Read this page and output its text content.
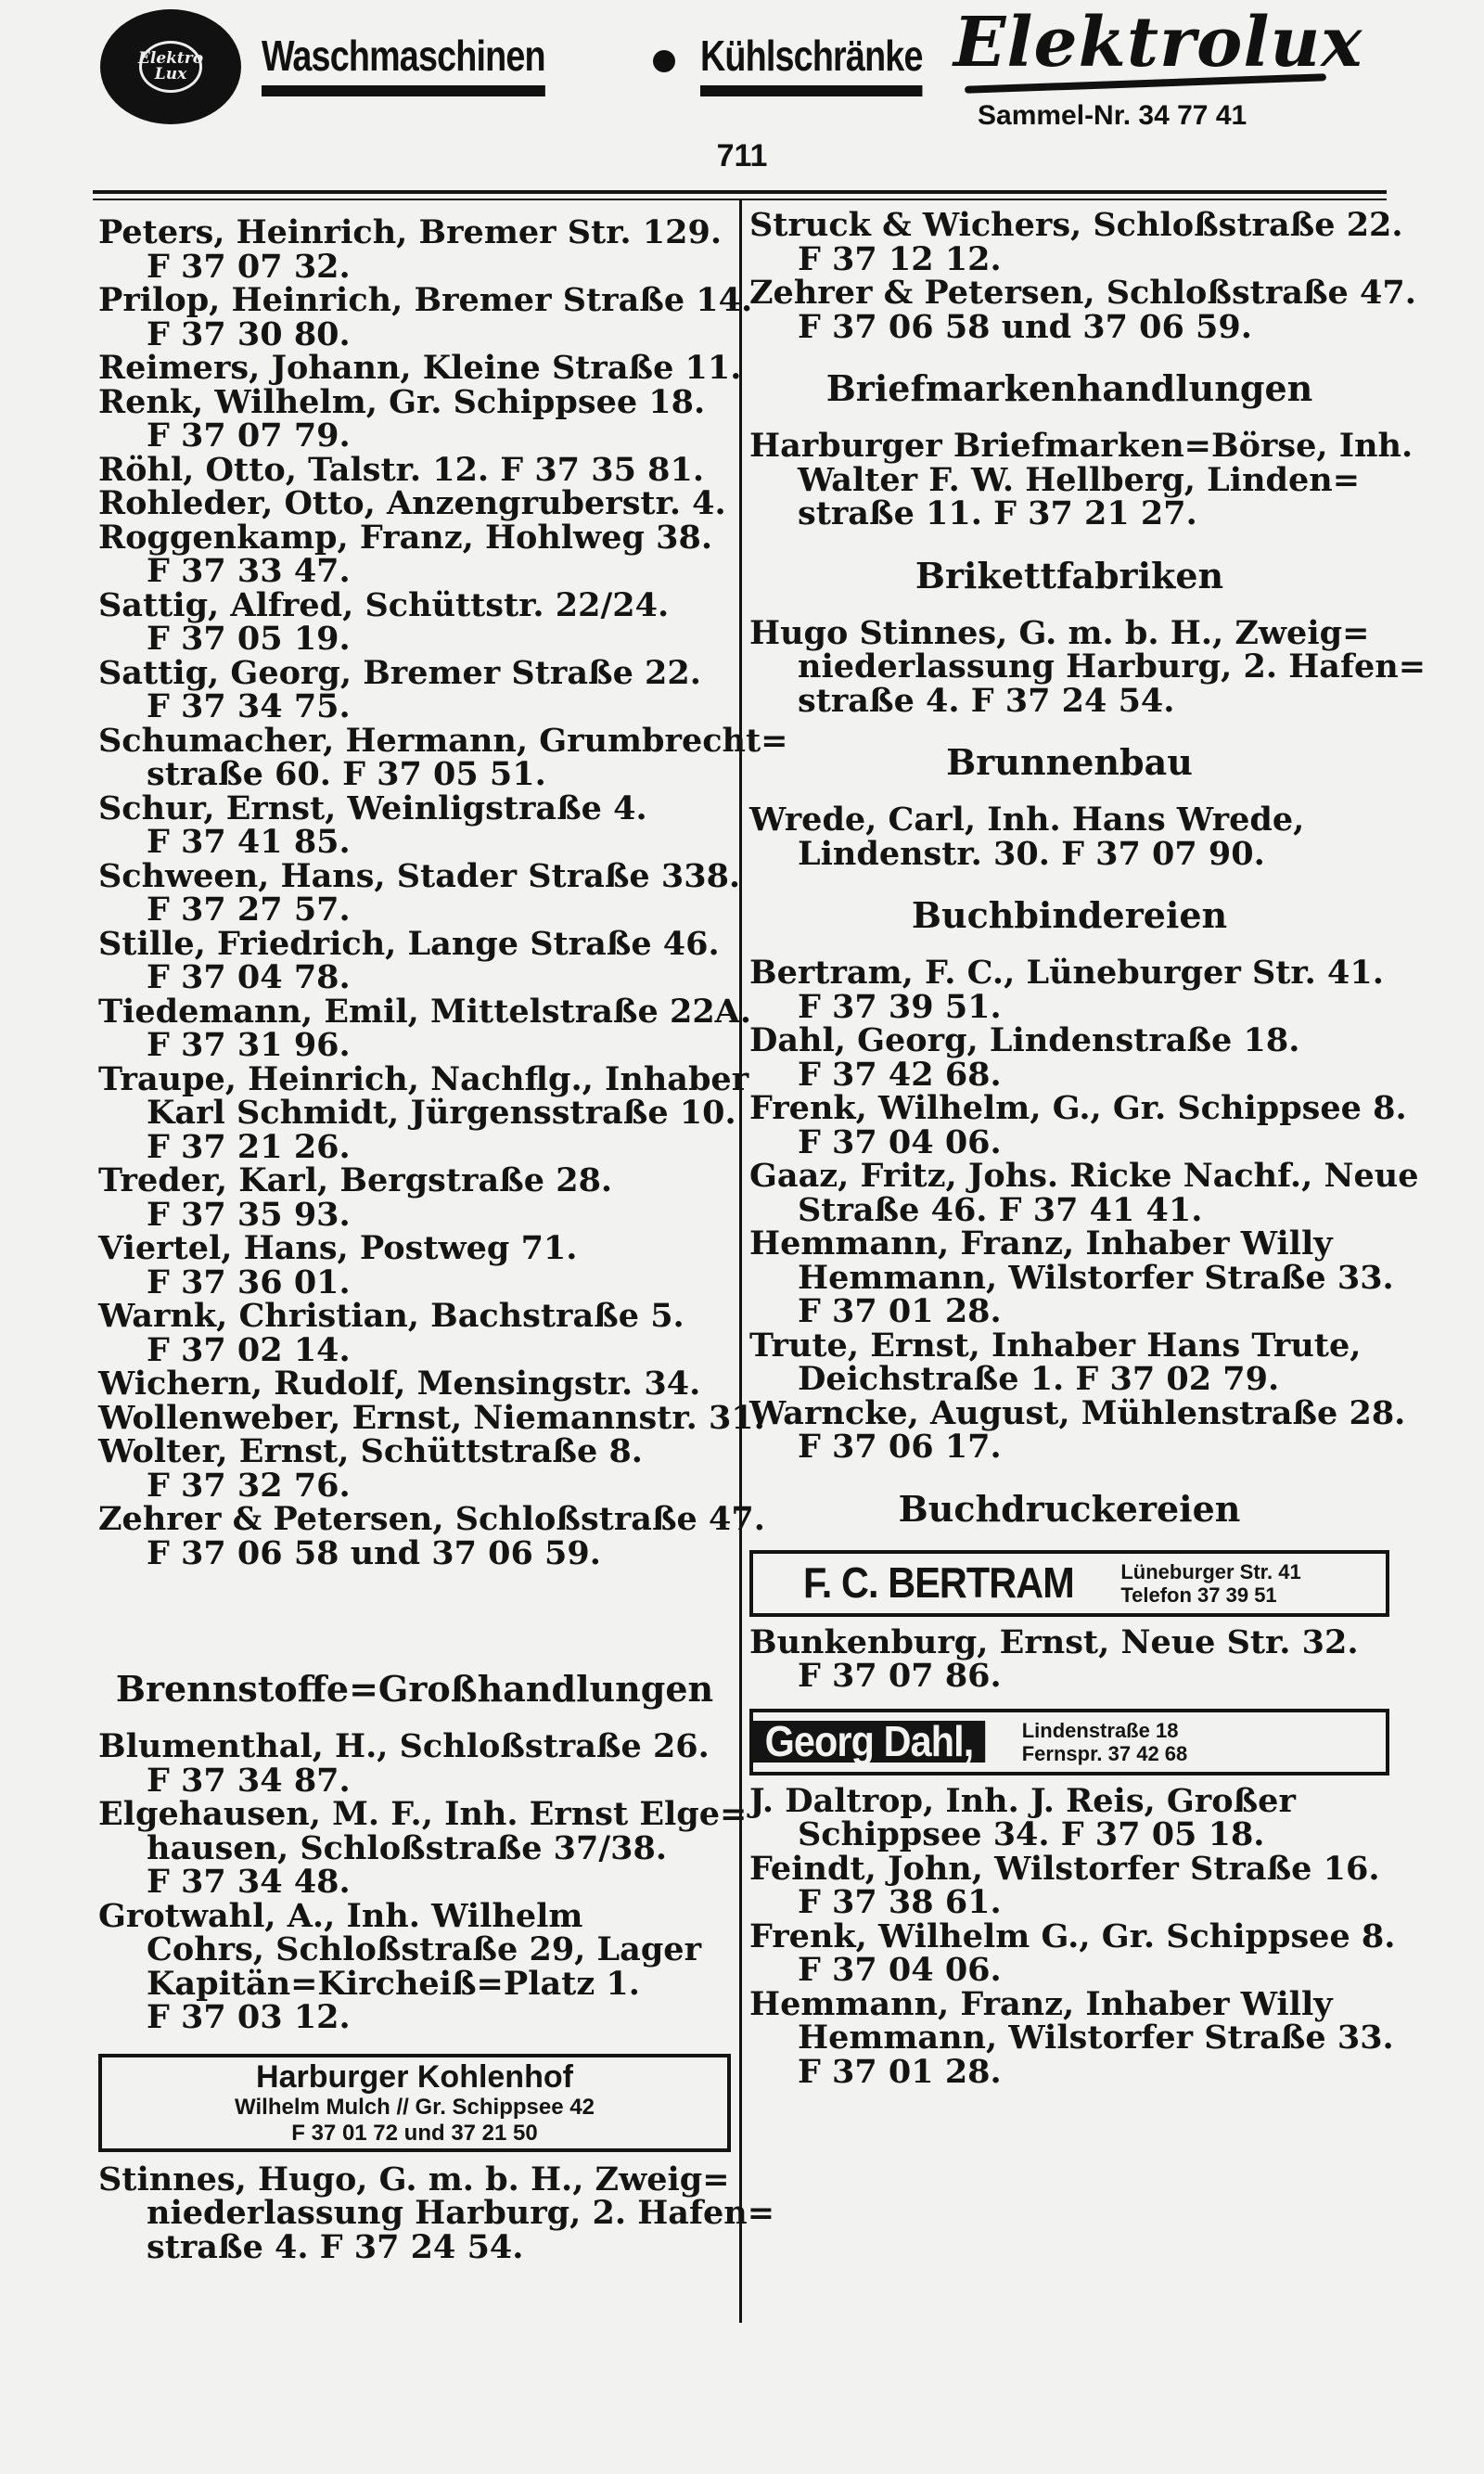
Elektro
Lux	Waschmaschinen	Kühlschränke Elektrolux
Sammel-Nr. 34 77 41
711
Peters, Heinrich, Bremer Str. 129.
F 37 07 32.
Prilop, Heinrich, Bremer Straße 14.
F 37 30 80.
Reimers, Johann, Kleine Straße 11.
Renk, Wilhelm, Gr. Schippsee 18.
F 37 07 79.
Röhl, Otto, Talstr. 12. F 37 35 81.
Rohleder, Otto, Anzengruberstr. 4.
Roggenkamp, Franz, Hohlweg 38.
F 37 33 47.
Sattig, Alfred, Schüttstr. 22/24.
F 37 05 19.
Sattig, Georg, Bremer Straße 22.
F 37 34 75.
Schumacher, Hermann, Grumbrecht=
straße 60. F 37 05 51.
Schur, Ernst, Weinligstraße 4.
F 37 41 85.
Schween, Hans, Stader Straße 338.
F 37 27 57.
Stille, Friedrich, Lange Straße 46.
F 37 04 78.
Tiedemann, Emil, Mittelstraße 22A.
F 37 31 96.
Traupe, Heinrich, Nachflg., Inhaber
Karl Schmidt, Jürgensstraße 10.
F 37 21 26.
Treder, Karl, Bergstraße 28.
F 37 35 93.
Viertel, Hans, Postweg 71.
F 37 36 01.
Warnk, Christian, Bachstraße 5.
F 37 02 14.
Wichern, Rudolf, Mensingstr. 34.
Wollenweber, Ernst, Niemannstr. 31.
Wolter, Ernst, Schüttstraße 8.
F 37 32 76.
Zehrer & Petersen, Schloßstraße 47.
F 37 06 58 und 37 06 59.
Brennstoffe=Großhandlungen
Blumenthal, H., Schloßstraße 26.
F 37 34 87.
Elgehausen, M. F., Inh. Ernst Elge=
hausen, Schloßstraße 37/38.
F 37 34 48.
Grotwahl, A., Inh. Wilhelm
Cohrs, Schloßstraße 29, Lager
Kapitän=Kircheiß=Platz 1.
F 37 03 12.
Harburger Kohlenhof
Wilhelm Mulch // Gr. Schippsee 42
F 37 01 72 und 37 21 50
Stinnes, Hugo, G. m. b. H., Zweig=
niederlassung Harburg, 2. Hafen=
straße 4. F 37 24 54.
Struck & Wichers, Schloßstraße 22.
F 37 12 12.
Zehrer & Petersen, Schloßstraße 47.
F 37 06 58 und 37 06 59.
Briefmarkenhandlungen
Harburger Briefmarken=Börse, Inh.
Walter F. W. Hellberg, Linden=
straße 11. F 37 21 27.
Brikettfabriken
Hugo Stinnes, G. m. b. H., Zweig=
niederlassung Harburg, 2. Hafen=
straße 4. F 37 24 54.
Brunnenbau
Wrede, Carl, Inh. Hans Wrede,
Lindenstr. 30. F 37 07 90.
Buchbindereien
Bertram, F. C., Lüneburger Str. 41.
F 37 39 51.
Dahl, Georg, Lindenstraße 18.
F 37 42 68.
Frenk, Wilhelm, G., Gr. Schippsee 8.
F 37 04 06.
Gaaz, Fritz, Johs. Ricke Nachf., Neue
Straße 46. F 37 41 41.
Hemmann, Franz, Inhaber Willy
Hemmann, Wilstorfer Straße 33.
F 37 01 28.
Trute, Ernst, Inhaber Hans Trute,
Deichstraße 1. F 37 02 79.
Warncke, August, Mühlenstraße 28.
F 37 06 17.
Buchdruckereien
F. C. BERTRAM Lüneburger Str. 41
Telefon 37 39 51
Bunkenburg, Ernst, Neue Str. 32.
F 37 07 86.
Georg Dahl,	Lindenstraße 18
Fernspr. 37 42 68
J. Daltrop, Inh. J. Reis, Großer
Schippsee 34. F 37 05 18.
Feindt, John, Wilstorfer Straße 16.
F 37 38 61.
Frenk, Wilhelm G., Gr. Schippsee 8.
F 37 04 06.
Hemmann, Franz, Inhaber Willy
Hemmann, Wilstorfer Straße 33.
F 37 01 28.
